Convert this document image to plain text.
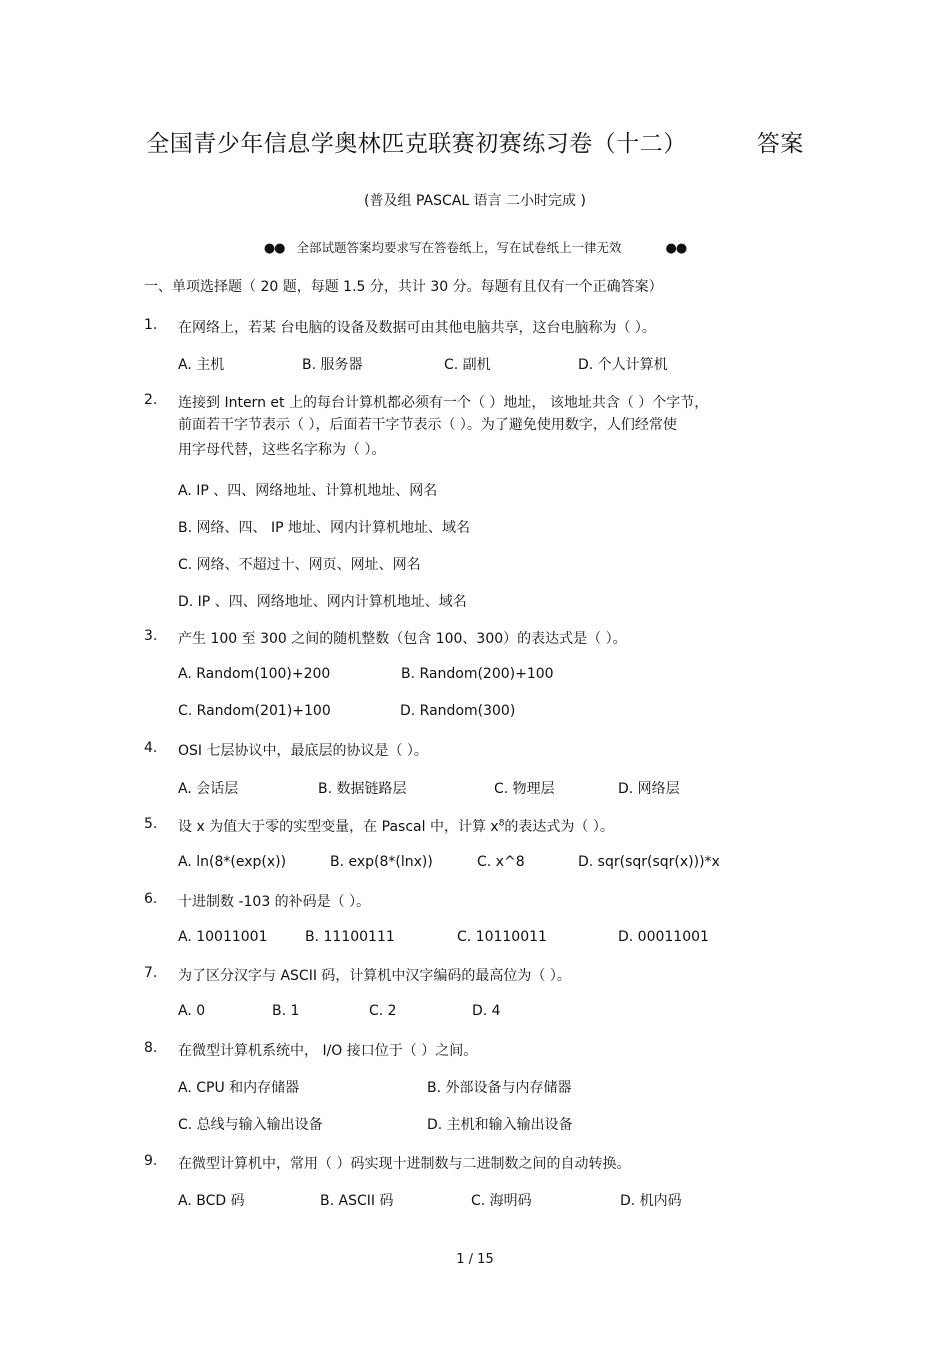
全国青少年信息学奥林匹克联赛初赛练习卷（十二）	答案
(普及组 PASCAL 语言 二小时完成 )
●● 全部试题答案均要求写在答卷纸上，写在试卷纸上一律无效	●●
一、单项选择题（ 20 题，每题 1.5 分，共计 30 分。每题有且仅有一个正确答案）
1. 在网络上，若某 台电脑的设备及数据可由其他电脑共享，这台电脑称为（ ）。
A. 主机	B. 服务器	C. 副机	D. 个人计算机
2. 连接到 Intern et 上的每台计算机都必须有一个（ ）地址， 该地址共含（ ）个字节，
前面若干字节表示（ ），后面若干字节表示（ ）。为了避免使用数字，人们经常使
用字母代替，这些名字称为（ ）。
A. IP 、四、网络地址、计算机地址、网名
B. 网络、四、 IP 地址、网内计算机地址、域名
C. 网络、不超过十、网页、网址、网名
D. IP 、四、网络地址、网内计算机地址、域名
3. 产生 100 至 300 之间的随机整数（包含 100、300）的表达式是（ ）。
A. Random(100)+200	B. Random(200)+100
C. Random(201)+100	D. Random(300)
4. OSI 七层协议中，最底层的协议是（ ）。
A. 会话层	B. 数据链路层	C. 物理层	D. 网络层
5. 设 x 为值大于零的实型变量，在 Pascal 中，计算 $x^8$的表达式为（ ）。
A. ln(8*(exp(x))	B. exp(8*(lnx))	C. x^8	D. sqr(sqr(sqr(x)))*x
6. 十进制数 -103 的补码是（ ）。
A. 10011001	B. 11100111	C. 10110011	D. 00011001
7. 为了区分汉字与 ASCII 码，计算机中汉字编码的最高位为（ ）。
A. 0	B. 1	C. 2	D. 4
8. 在微型计算机系统中， I/O 接口位于（ ）之间。
A. CPU 和内存储器	B. 外部设备与内存储器
C. 总线与输入输出设备	D. 主机和输入输出设备
9. 在微型计算机中，常用（ ）码实现十进制数与二进制数之间的自动转换。
A. BCD 码	B. ASCII 码	C. 海明码	D. 机内码
1 / 15
